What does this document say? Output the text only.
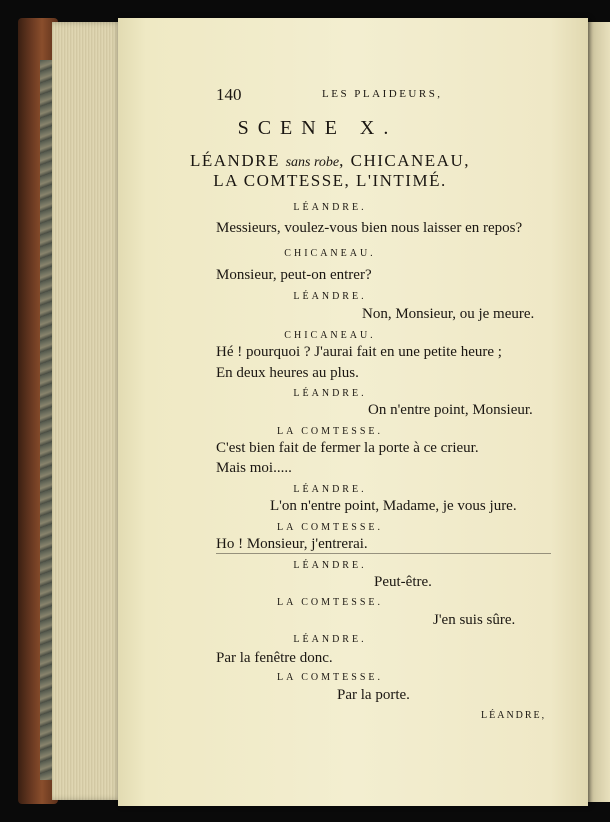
140	LES PLAIDEURS,
SCENE X.
LÉANDRE sans robe, CHICANEAU,
LA COMTESSE, L'INTIMÉ.
LÉANDRE.
Messieurs, voulez-vous bien nous laisser en repos?
CHICANEAU.
Monsieur, peut-on entrer?
LÉANDRE.
Non, Monsieur, ou je meure.
CHICANEAU.
Hé ! pourquoi ? J'aurai fait en une petite heure ;
En deux heures au plus.
LÉANDRE.
On n'entre point, Monsieur.
LA COMTESSE.
C'est bien fait de fermer la porte à ce crieur.
Mais moi.....
LÉANDRE.
L'on n'entre point, Madame, je vous jure.
LA COMTESSE.
Ho ! Monsieur, j'entrerai.
LÉANDRE.
Peut-être.
LA COMTESSE.
J'en suis sûre.
LÉANDRE.
Par la fenêtre donc.
LA COMTESSE.
Par la porte.
LÉANDRE,
